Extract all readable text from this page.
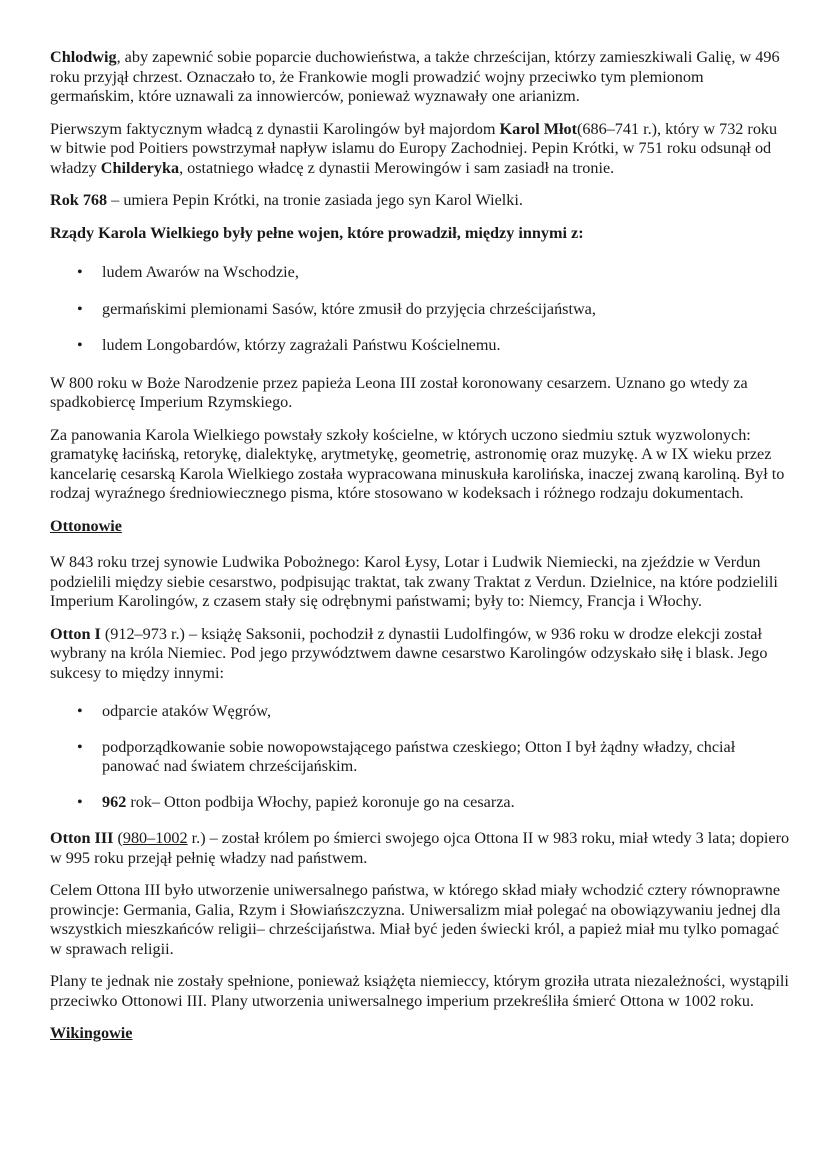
Chlodwig, aby zapewnić sobie poparcie duchowieństwa, a także chrześcijan, którzy zamieszkiwali Galię, w 496 roku przyjął chrzest. Oznaczało to, że Frankowie mogli prowadzić wojny przeciwko tym plemionom germańskim, które uznawali za innowierców, ponieważ wyznawały one arianizm.

Pierwszym faktycznym władcą z dynastii Karolingów był majordom Karol Młot(686–741 r.), który w 732 roku w bitwie pod Poitiers powstrzymał napływ islamu do Europy Zachodniej. Pepin Krótki, w 751 roku odsunął od władzy Childeryka, ostatniego władcę z dynastii Merowingów i sam zasiadł na tronie.

Rok 768 – umiera Pepin Krótki, na tronie zasiada jego syn Karol Wielki.

Rządy Karola Wielkiego były pełne wojen, które prowadził, między innymi z:

• ludem Awarów na Wschodzie,
• germańskimi plemionami Sasów, które zmusił do przyjęcia chrześcijaństwa,
• ludem Longobardów, którzy zagrażali Państwu Kościelnemu.

W 800 roku w Boże Narodzenie przez papieża Leona III został koronowany cesarzem. Uznano go wtedy za spadkobiercę Imperium Rzymskiego.

Za panowania Karola Wielkiego powstały szkoły kościelne, w których uczono siedmiu sztuk wyzwolonych: gramatykę łacińską, retorykę, dialektykę, arytmetykę, geometrię, astronomię oraz muzykę. A w IX wieku przez kancelarię cesarską Karola Wielkiego została wypracowana minuskuła karolińska, inaczej zwaną karoliną. Był to rodzaj wyraźnego średniowiecznego pisma, które stosowano w kodeksach i różnego rodzaju dokumentach.

Ottonowie

W 843 roku trzej synowie Ludwika Pobożnego: Karol Łysy, Lotar i Ludwik Niemiecki, na zjeździe w Verdun podzielili między siebie cesarstwo, podpisując traktat, tak zwany Traktat z Verdun. Dzielnice, na które podzielili Imperium Karolingów, z czasem stały się odrębnymi państwami; były to: Niemcy, Francja i Włochy.

Otton I (912–973 r.) – książę Saksonii, pochodził z dynastii Ludolfingów, w 936 roku w drodze elekcji został wybrany na króla Niemiec. Pod jego przywództwem dawne cesarstwo Karolingów odzyskało siłę i blask. Jego sukcesy to między innymi:

• odparcie ataków Węgrów,
• podporządkowanie sobie nowopowstającego państwa czeskiego; Otton I był żądny władzy, chciał panować nad światem chrześcijańskim.
• 962 rok– Otton podbija Włochy, papież koronuje go na cesarza.

Otton III (980–1002 r.) – został królem po śmierci swojego ojca Ottona II w 983 roku, miał wtedy 3 lata; dopiero w 995 roku przejął pełnię władzy nad państwem.

Celem Ottona III było utworzenie uniwersalnego państwa, w którego skład miały wchodzić cztery równoprawne prowincje: Germania, Galia, Rzym i Słowiańszczyzna. Uniwersalizm miał polegać na obowiązywaniu jednej dla wszystkich mieszkańców religii– chrześcijaństwa. Miał być jeden świecki król, a papież miał mu tylko pomagać w sprawach religii.

Plany te jednak nie zostały spełnione, ponieważ książęta niemieccy, którym groziła utrata niezależności, wystąpili przeciwko Ottonowi III. Plany utworzenia uniwersalnego imperium przekreśliła śmierć Ottona w 1002 roku.

Wikingowie
